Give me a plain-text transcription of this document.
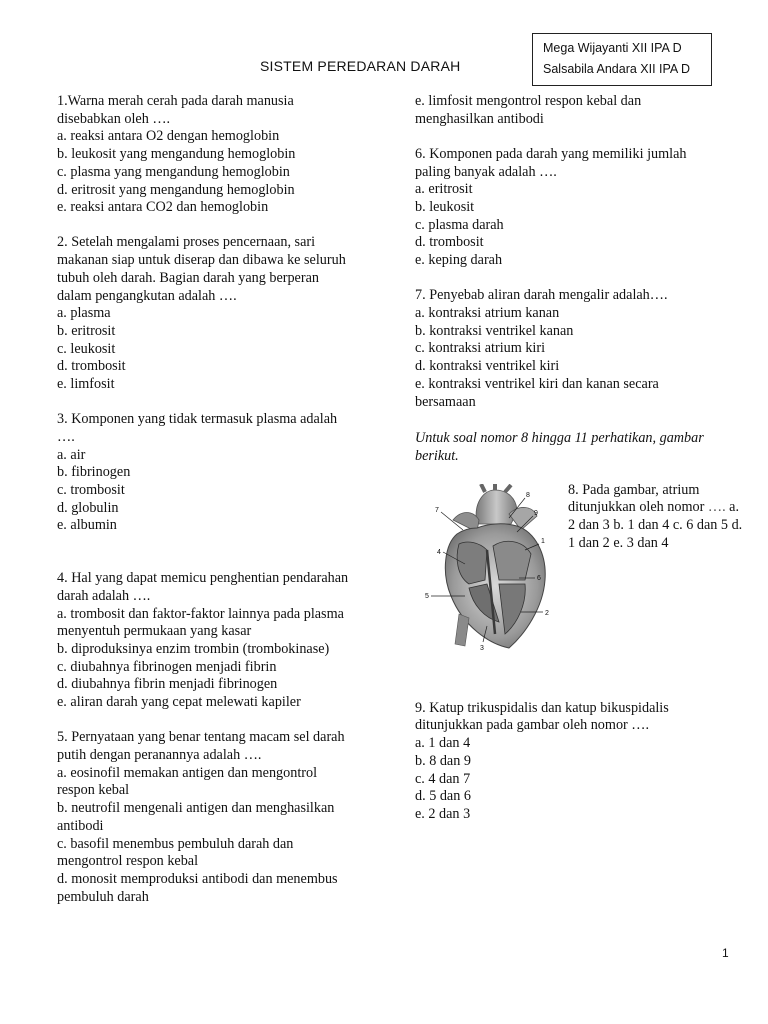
Mega Wijayanti XII IPA D
Salsabila Andara XII IPA D
SISTEM PEREDARAN DARAH
1.Warna merah cerah pada darah manusia
disebabkan oleh ….
a. reaksi antara O2 dengan hemoglobin
b. leukosit yang mengandung hemoglobin
c. plasma yang mengandung hemoglobin
d. eritrosit yang mengandung hemoglobin
e. reaksi antara CO2 dan hemoglobin
2. Setelah mengalami proses pencernaan, sari
makanan siap untuk diserap dan dibawa ke seluruh
tubuh oleh darah. Bagian darah yang berperan
dalam pengangkutan adalah ….
a. plasma
b. eritrosit
c. leukosit
d. trombosit
e. limfosit
3. Komponen yang tidak termasuk plasma adalah
….
a. air
b. fibrinogen
c. trombosit
d. globulin
e. albumin
4. Hal yang dapat memicu penghentian pendarahan
darah adalah ….
a. trombosit dan faktor-faktor lainnya pada plasma
menyentuh permukaan yang kasar
b. diproduksinya enzim trombin (trombokinase)
c. diubahnya fibrinogen menjadi fibrin
d. diubahnya fibrin menjadi fibrinogen
e. aliran darah yang cepat melewati kapiler
5. Pernyataan yang benar tentang macam sel darah
putih dengan peranannya adalah ….
a. eosinofil memakan antigen dan mengontrol
respon kebal
b. neutrofil mengenali antigen dan menghasilkan
antibodi
c. basofil menembus pembuluh darah dan
mengontrol respon kebal
d. monosit memproduksi antibodi dan menembus
pembuluh darah
e. limfosit mengontrol respon kebal dan
menghasilkan antibodi
6. Komponen pada darah yang memiliki jumlah
paling banyak adalah ….
a. eritrosit
b. leukosit
c. plasma darah
d. trombosit
e. keping darah
7. Penyebab aliran darah mengalir adalah….
a. kontraksi atrium kanan
b. kontraksi ventrikel kanan
c. kontraksi atrium kiri
d. kontraksi ventrikel kiri
e. kontraksi ventrikel kiri dan kanan secara
bersamaan
Untuk soal nomor 8 hingga 11 perhatikan, gambar berikut.
8
9
1
6
2
3
4
5
7
8. Pada gambar, atrium ditunjukkan oleh nomor …. a. 2 dan 3 b. 1 dan 4 c. 6 dan 5 d. 1 dan 2 e. 3 dan 4
9. Katup trikuspidalis dan katup bikuspidalis
ditunjukkan pada gambar oleh nomor ….
a. 1 dan 4
b. 8 dan 9
c. 4 dan 7
d. 5 dan 6
e. 2 dan 3
1
